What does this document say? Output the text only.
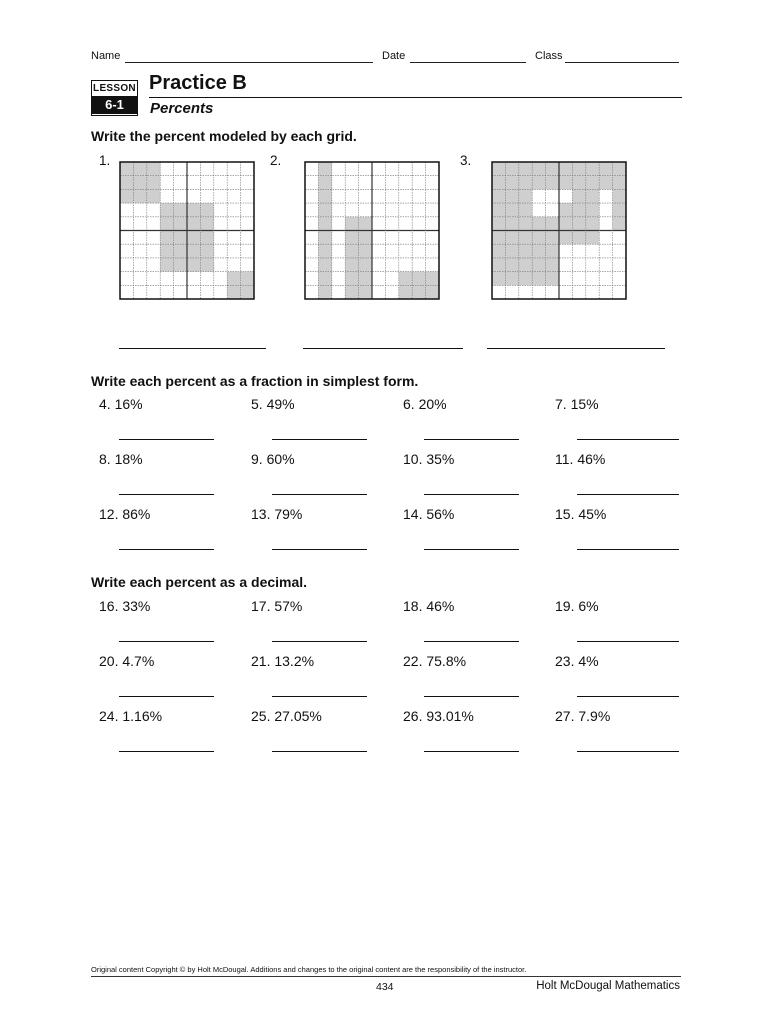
Name	Date	Class
LESSON
6-1
Practice B
Percents
Write the percent modeled by each grid.
1.	2.	3.
Write each percent as a fraction in simplest form.
4. 16%	5. 49%	6. 20%	7. 15%
8. 18%	9. 60%	10. 35%	11. 46%
12. 86%	13. 79%	14. 56%	15. 45%
Write each percent as a decimal.
16. 33%	17. 57%	18. 46%	19. 6%
20. 4.7%	21. 13.2%	22. 75.8%	23. 4%
24. 1.16%	25. 27.05%	26. 93.01%	27. 7.9%
Original content Copyright © by Holt McDougal. Additions and changes to the original content are the responsibility of the instructor.
434	Holt McDougal Mathematics
